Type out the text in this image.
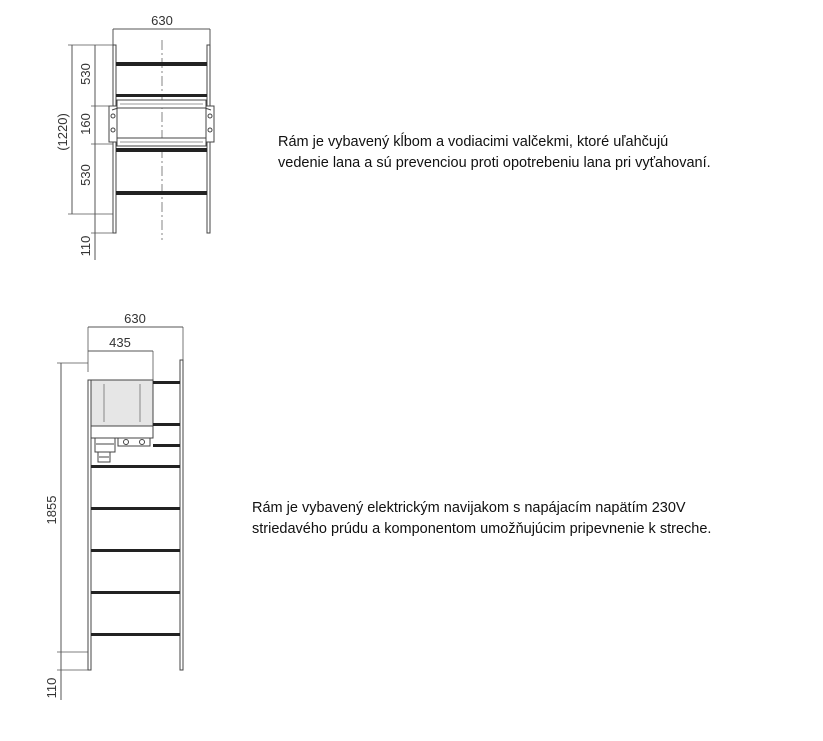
630
530
160
530
110
(1220)
630
435
1855
110

Rám je vybavený kĺbom a vodiacimi valčekmi, ktoré uľahčujú
vedenie lana a sú prevenciou proti opotrebeniu lana pri vyťahovaní.

Rám je vybavený elektrickým navijakom s napájacím napätím 230V
striedavého prúdu a komponentom umožňujúcim pripevnenie k streche.
